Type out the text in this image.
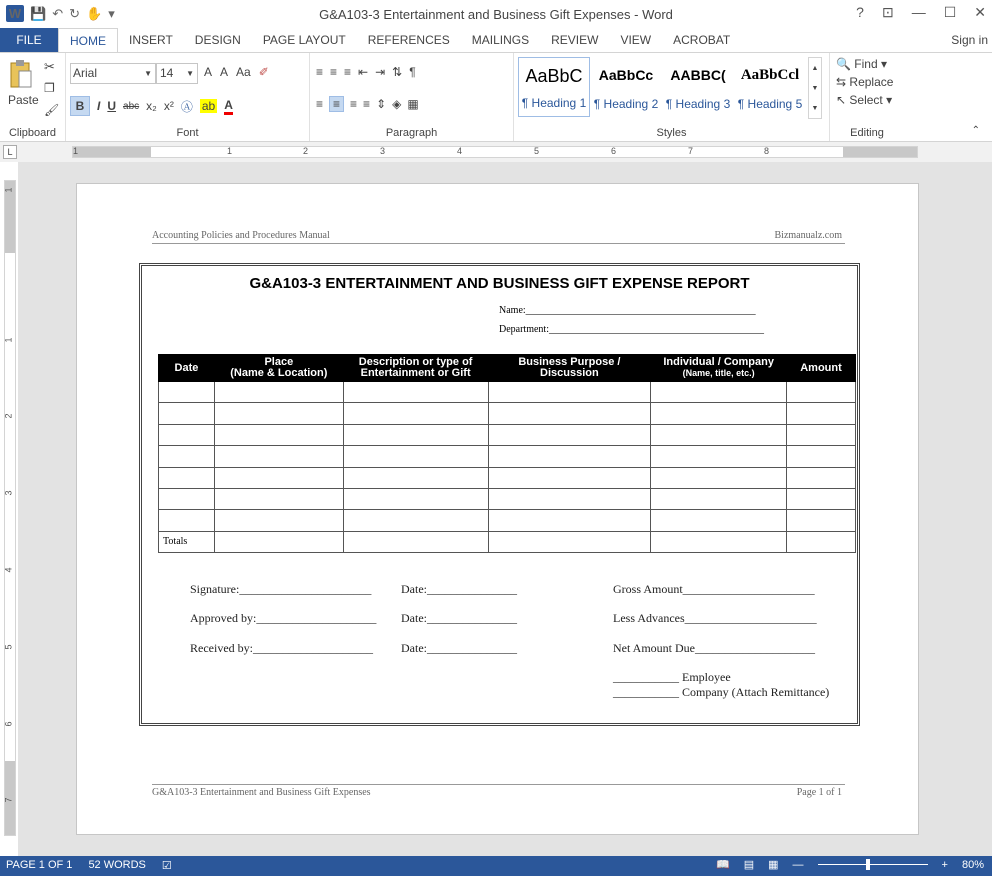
W 💾 ↶ ↻ ✋ ▾	G&A103-3 Entertainment and Business Gift Expenses - Word	? ⊡ — ☐ ✕
FILE	HOME	INSERT	DESIGN	PAGE LAYOUT	REFERENCES	MAILINGS	REVIEW	VIEW	ACROBAT	Sign in
Paste
✂
❐
🖌
Clipboard
Arial	▼ 14 ▼ A A Aa ✐
B	I U abc x₂ x² Ⓐ ab A
Font
≡ ≡ ≡ ⇤ ⇥ ⇅ ¶
≡ ≡ ≡ ≡ ⇕ ◈ ▦
Paragraph
AaBbC
¶ Heading 1
AaBbCc
¶ Heading 2
AABBC(
¶ Heading 3
AaBbCcl
¶ Heading 5
▲
▼
▼
Styles
🔍 Find ▾
⇆ Replace
↖ Select ▾
Editing	⌃
L	1	1	2	3	4	5	6	7	8
1
1
2
3
4
5
6
7
Accounting Policies and Procedures Manual	Bizmanualz.com
G&A103-3 ENTERTAINMENT AND BUSINESS GIFT EXPENSE REPORT
Name:______________________________________________
Department:___________________________________________
Date	Place
(Name & Location)	Description or type of
Entertainment or Gift	Business Purpose /
Discussion	Individual / Company
(Name, title, etc.)	Amount

Totals					
Signature:______________________
Approved by:____________________
Received by:____________________
Date:_______________
Date:_______________
Date:_______________
Gross Amount______________________
Less Advances______________________
Net Amount Due____________________
___________ Employee
___________ Company (Attach Remittance)
G&A103-3 Entertainment and Business Gift Expenses	Page 1 of 1
PAGE 1 OF 1 52 WORDS ☑	📖 ▤ ▦ —	+ 80%
